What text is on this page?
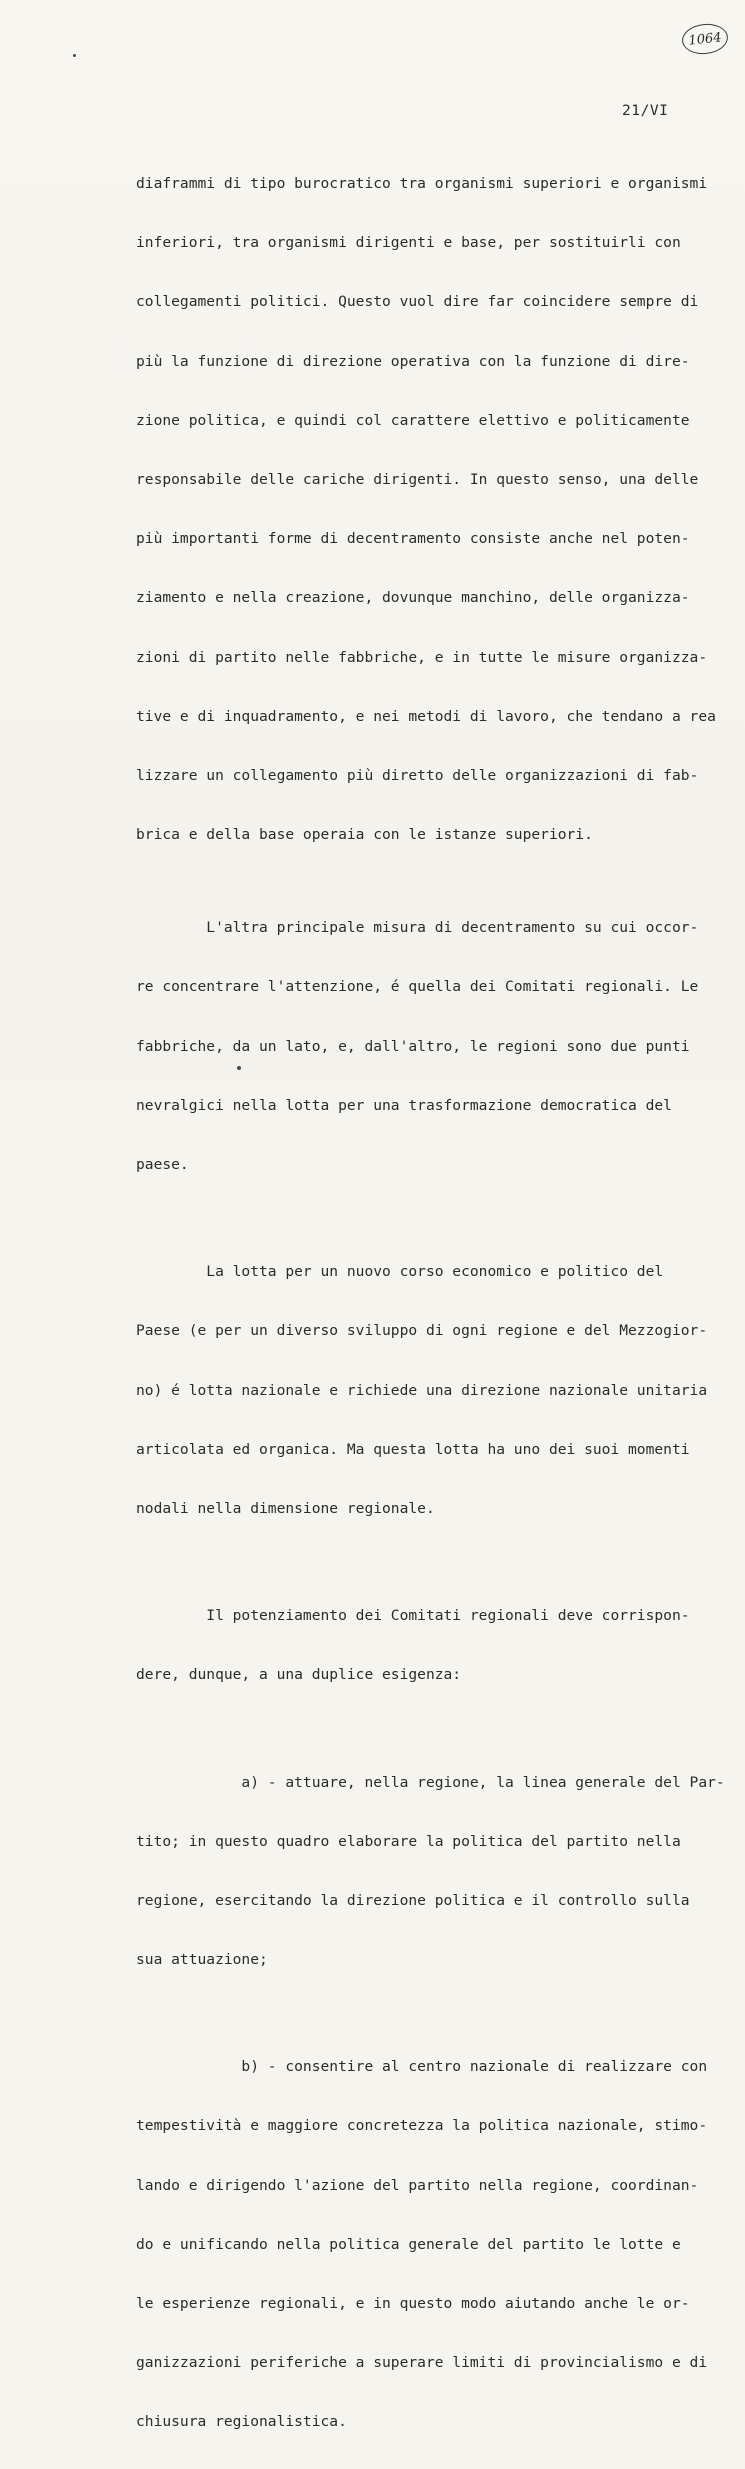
1064
21/VI

diaframmi di tipo burocratico tra organismi superiori e organismi

inferiori, tra organismi dirigenti e base, per sostituirli con

collegamenti politici. Questo vuol dire far coincidere sempre di

più la funzione di direzione operativa con la funzione di dire-

zione politica, e quindi col carattere elettivo e politicamente

responsabile delle cariche dirigenti. In questo senso, una delle

più importanti forme di decentramento consiste anche nel poten-

ziamento e nella creazione, dovunque manchino, delle organizza-

zioni di partito nelle fabbriche, e in tutte le misure organizza-

tive e di inquadramento, e nei metodi di lavoro, che tendano a rea

lizzare un collegamento più diretto delle organizzazioni di fab-

brica e della base operaia con le istanze superiori.

L'altra principale misura di decentramento su cui occor-

re concentrare l'attenzione, é quella dei Comitati regionali. Le

fabbriche, da un lato, e, dall'altro, le regioni sono due punti

nevralgici nella lotta per una trasformazione democratica del

paese.

La lotta per un nuovo corso economico e politico del

Paese (e per un diverso sviluppo di ogni regione e del Mezzogior-

no) é lotta nazionale e richiede una direzione nazionale unitaria

articolata ed organica. Ma questa lotta ha uno dei suoi momenti

nodali nella dimensione regionale.

Il potenziamento dei Comitati regionali deve corrispon-

dere, dunque, a una duplice esigenza:

a) - attuare, nella regione, la linea generale del Par-

tito; in questo quadro elaborare la politica del partito nella

regione, esercitando la direzione politica e il controllo sulla

sua attuazione;

b) - consentire al centro nazionale di realizzare con

tempestività e maggiore concretezza la politica nazionale, stimo-

lando e dirigendo l'azione del partito nella regione, coordinan-

do e unificando nella politica generale del partito le lotte e

le esperienze regionali, e in questo modo aiutando anche le or-

ganizzazioni periferiche a superare limiti di provincialismo e di

chiusura regionalistica.
